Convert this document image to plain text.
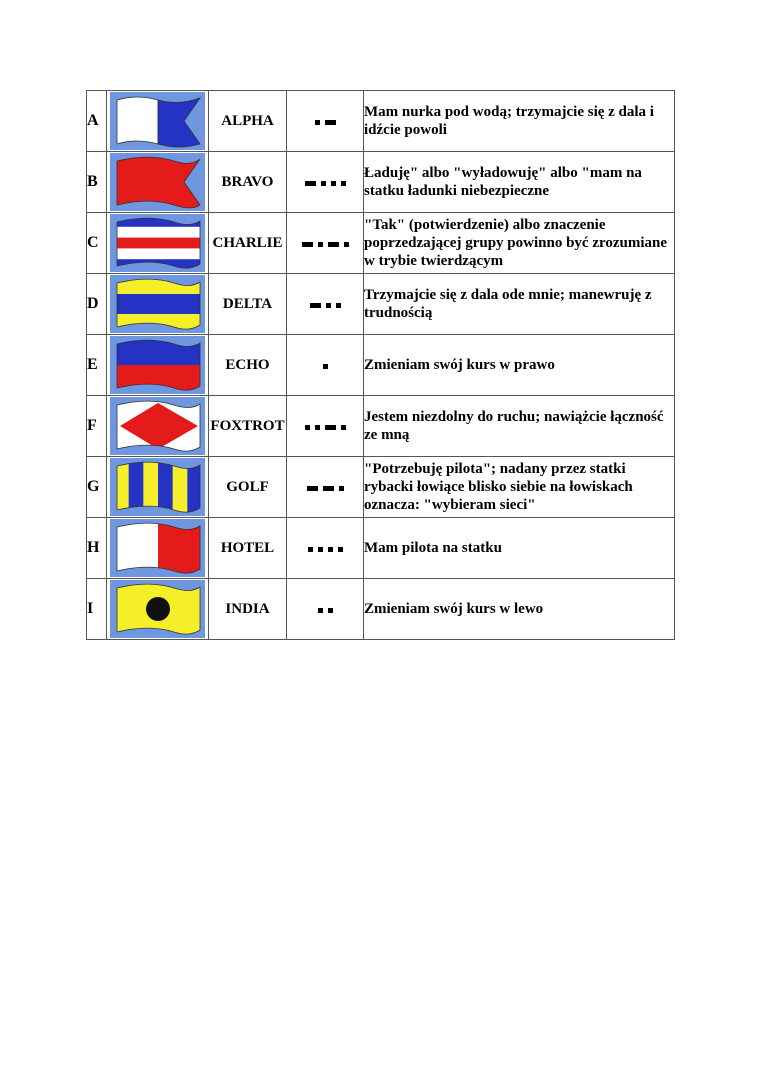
A		ALPHA		Mam nurka pod wodą; trzymajcie się z dala i idźcie powoli
B		BRAVO		Ładuję" albo "wyładowuję" albo "mam na statku ładunki niebezpieczne
C		CHARLIE		"Tak" (potwierdzenie) albo znaczenie poprzedzającej grupy powinno być zrozumiane w trybie twierdzącym
D		DELTA		Trzymajcie się z dala ode mnie; manewruję z trudnością
E		ECHO		Zmieniam swój kurs w prawo
F		FOXTROT		Jestem niezdolny do ruchu; nawiążcie łączność ze mną
G		GOLF		"Potrzebuję pilota"; nadany przez statki rybacki łowiące blisko siebie na łowiskach oznacza: "wybieram sieci"
H		HOTEL		Mam pilota na statku
I		INDIA		Zmieniam swój kurs w lewo
